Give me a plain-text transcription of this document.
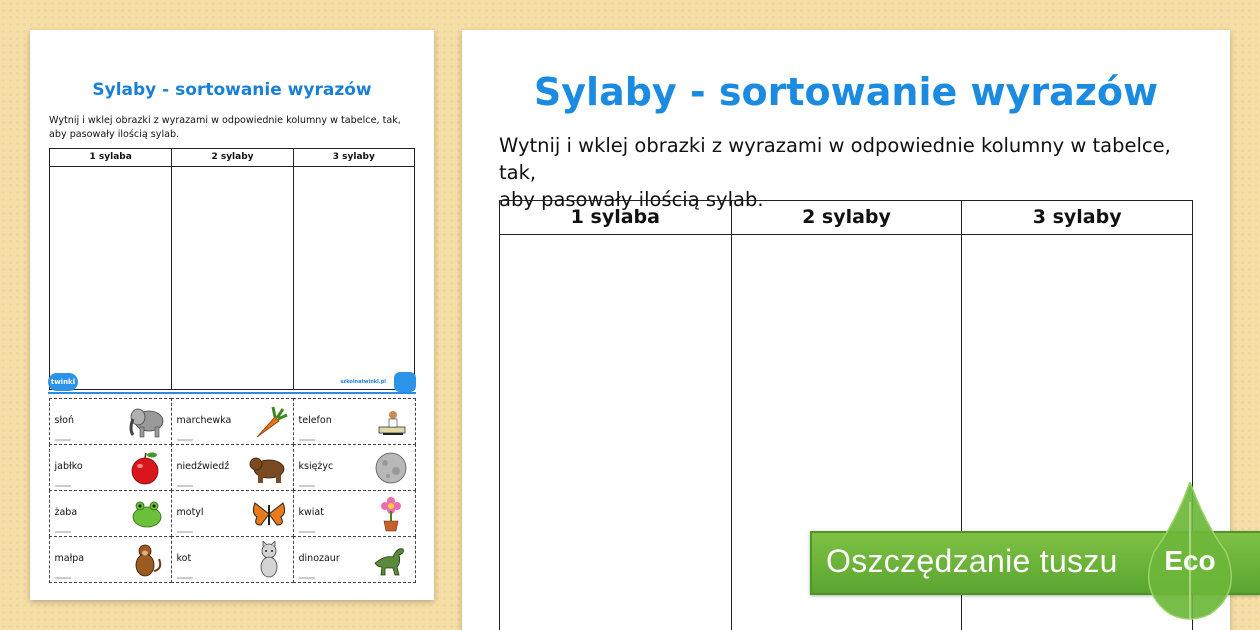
Sylaby - sortowanie wyrazów
Wytnij i wklej obrazki z wyrazami w odpowiednie kolumny w tabelce, tak,
aby pasowały ilością sylab.
1 sylaba	2 sylaby	3 sylaby
twinkl	szkolnatwinkl.pl
słoń	marchewka	telefon
jabłko	niedźwiedź	księżyc
żaba	motyl	kwiat
małpa	kot	dinozaur
Sylaby - sortowanie wyrazów
Wytnij i wklej obrazki z wyrazami w odpowiednie kolumny w tabelce, tak,
aby pasowały ilością sylab.
1 sylaba	2 sylaby	3 sylaby
Oszczędzanie tuszu Eco
